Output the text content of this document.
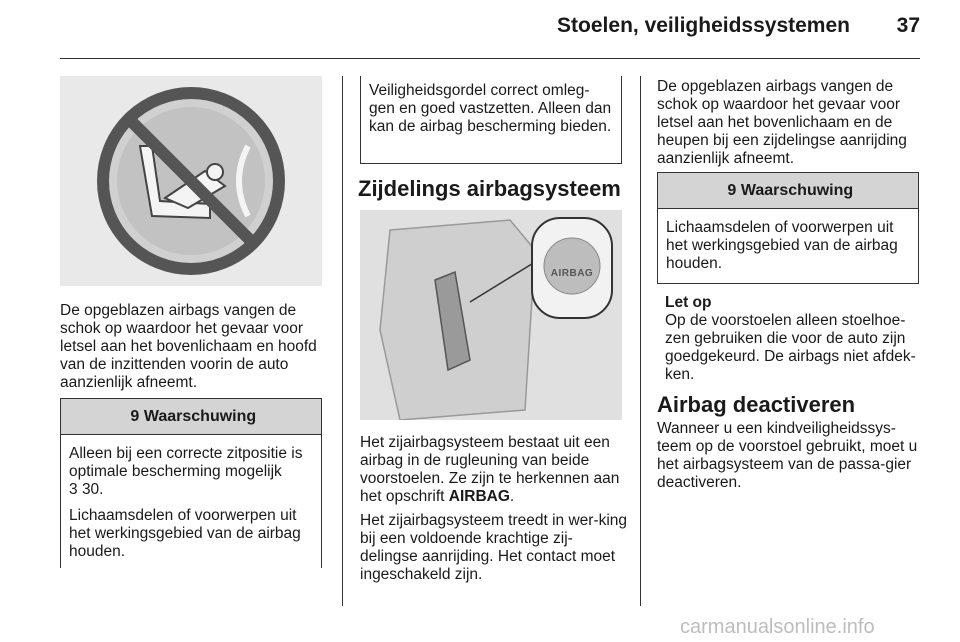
Stoelen, veiligheidssystemen 37

De opgeblazen airbags vangen de schok op waardoor het gevaar voor letsel aan het bovenlichaam en hoofd van de inzittenden voorin de auto aanzienlijk afneemt.

9 Waarschuwing

Alleen bij een correcte zitpositie is optimale bescherming mogelijk
3 30.

Lichaamsdelen of voorwerpen uit het werkingsgebied van de airbag houden.

Veiligheidsgordel correct omleg-gen en goed vastzetten. Alleen dan kan de airbag bescherming bieden.
Zijdelings airbagsysteem
AIRBAG

Het zijairbagsysteem bestaat uit een airbag in de rugleuning van beide voorstoelen. Ze zijn te herkennen aan het opschrift AIRBAG.

Het zijairbagsysteem treedt in wer-king bij een voldoende krachtige zij-delingse aanrijding. Het contact moet ingeschakeld zijn.

De opgeblazen airbags vangen de schok op waardoor het gevaar voor letsel aan het bovenlichaam en de heupen bij een zijdelingse aanrijding aanzienlijk afneemt.

9 Waarschuwing

Lichaamsdelen of voorwerpen uit het werkingsgebied van de airbag houden.

Let op
Op de voorstoelen alleen stoelhoe-zen gebruiken die voor de auto zijn goedgekeurd. De airbags niet afdek-ken.
Airbag deactiveren

Wanneer u een kindveiligheidssys-teem op de voorstoel gebruikt, moet u het airbagsysteem van de passa-gier deactiveren.

carmanualsonline.info
